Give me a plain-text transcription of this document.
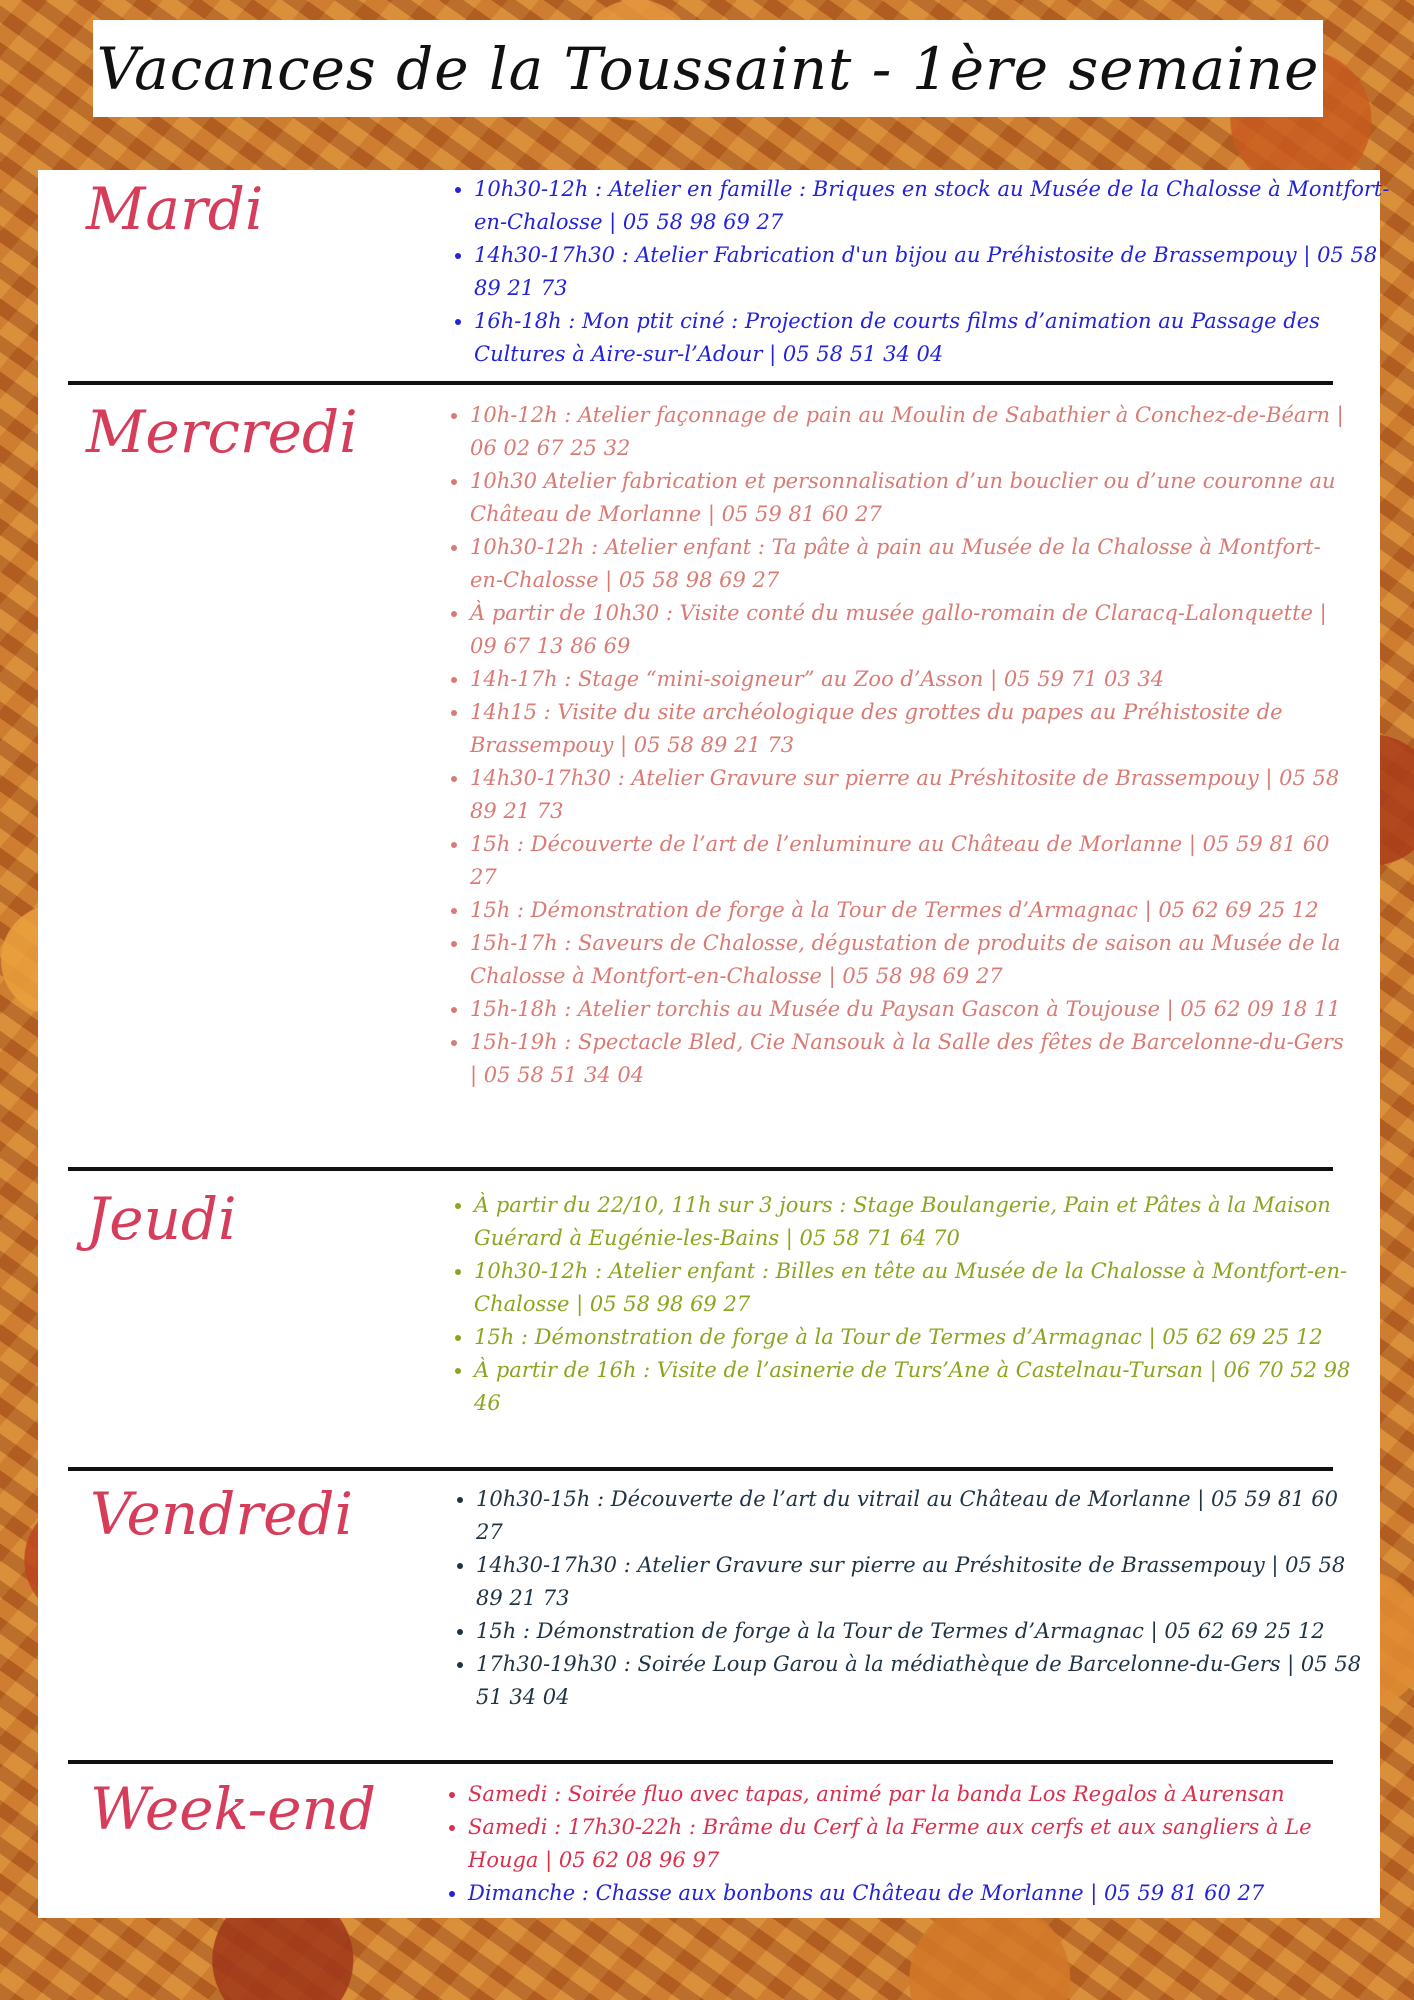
Vacances de la Toussaint - 1ère semaine
Mardi	• 10h30-12h : Atelier en famille : Briques en stock au Musée de la Chalosse à Montfort-en-Chalosse | 05 58 98 69 27
• 14h30-17h30 : Atelier Fabrication d'un bijou au Préhistosite de Brassempouy | 05 58 89 21 73
• 16h-18h : Mon ptit ciné : Projection de courts films d’animation au Passage des Cultures à Aire-sur-l’Adour | 05 58 51 34 04
Mercredi	• 10h-12h : Atelier façonnage de pain au Moulin de Sabathier à Conchez-de-Béarn | 06 02 67 25 32
• 10h30 Atelier fabrication et personnalisation d’un bouclier ou d’une couronne au Château de Morlanne | 05 59 81 60 27
• 10h30-12h : Atelier enfant : Ta pâte à pain au Musée de la Chalosse à Montfort-en-Chalosse | 05 58 98 69 27
• À partir de 10h30 : Visite conté du musée gallo-romain de Claracq-Lalonquette | 09 67 13 86 69
• 14h-17h : Stage “mini-soigneur” au Zoo d’Asson | 05 59 71 03 34
• 14h15 : Visite du site archéologique des grottes du papes au Préhistosite de Brassempouy | 05 58 89 21 73
• 14h30-17h30 : Atelier Gravure sur pierre au Préshitosite de Brassempouy | 05 58 89 21 73
• 15h : Découverte de l’art de l’enluminure au Château de Morlanne | 05 59 81 60 27
• 15h : Démonstration de forge à la Tour de Termes d’Armagnac | 05 62 69 25 12
• 15h-17h : Saveurs de Chalosse, dégustation de produits de saison au Musée de la Chalosse à Montfort-en-Chalosse | 05 58 98 69 27
• 15h-18h : Atelier torchis au Musée du Paysan Gascon à Toujouse | 05 62 09 18 11
• 15h-19h : Spectacle Bled, Cie Nansouk à la Salle des fêtes de Barcelonne-du-Gers | 05 58 51 34 04
Jeudi	• À partir du 22/10, 11h sur 3 jours : Stage Boulangerie, Pain et Pâtes à la Maison Guérard à Eugénie-les-Bains | 05 58 71 64 70
• 10h30-12h : Atelier enfant : Billes en tête au Musée de la Chalosse à Montfort-en-Chalosse | 05 58 98 69 27
• 15h : Démonstration de forge à la Tour de Termes d’Armagnac | 05 62 69 25 12
• À partir de 16h : Visite de l’asinerie de Turs’Ane à Castelnau-Tursan | 06 70 52 98 46
Vendredi	• 10h30-15h : Découverte de l’art du vitrail au Château de Morlanne | 05 59 81 60 27
• 14h30-17h30 : Atelier Gravure sur pierre au Préshitosite de Brassempouy | 05 58 89 21 73
• 15h : Démonstration de forge à la Tour de Termes d’Armagnac | 05 62 69 25 12
• 17h30-19h30 : Soirée Loup Garou à la médiathèque de Barcelonne-du-Gers | 05 58 51 34 04
Week-end	• Samedi : Soirée fluo avec tapas, animé par la banda Los Regalos à Aurensan
• Samedi : 17h30-22h : Brâme du Cerf à la Ferme aux cerfs et aux sangliers à Le Houga | 05 62 08 96 97
• Dimanche : Chasse aux bonbons au Château de Morlanne | 05 59 81 60 27
